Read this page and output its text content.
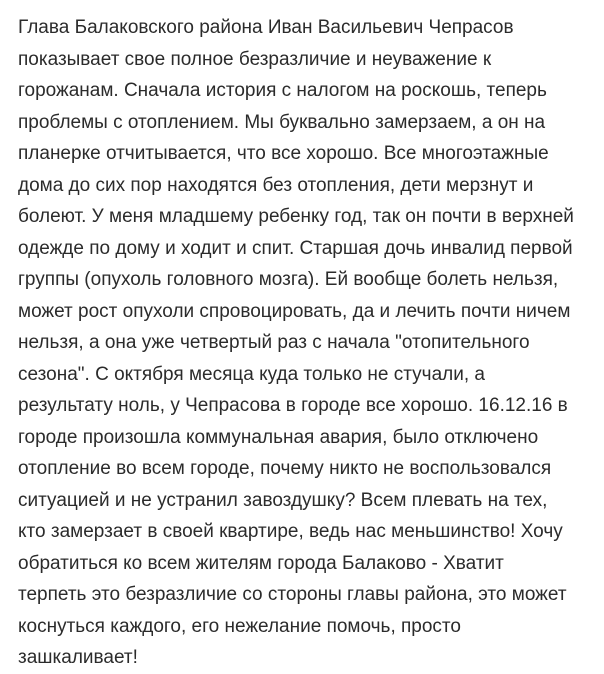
Глава Балаковского района Иван Васильевич Чепрасов
показывает свое полное безразличие и неуважение к
горожанам. Сначала история с налогом на роскошь, теперь
проблемы с отоплением. Мы буквально замерзаем, а он на
планерке отчитывается, что все хорошо. Все многоэтажные
дома до сих пор находятся без отопления, дети мерзнут и
болеют. У меня младшему ребенку год, так он почти в верхней
одежде по дому и ходит и спит. Старшая дочь инвалид первой
группы (опухоль головного мозга). Ей вообще болеть нельзя,
может рост опухоли спровоцировать, да и лечить почти ничем
нельзя, а она уже четвертый раз с начала "отопительного
сезона". С октября месяца куда только не стучали, а
результату ноль, у Чепрасова в городе все хорошо. 16.12.16 в
городе произошла коммунальная авария, было отключено
отопление во всем городе, почему никто не воспользовался
ситуацией и не устранил завоздушку? Всем плевать на тех,
кто замерзает в своей квартире, ведь нас меньшинство! Хочу
обратиться ко всем жителям города Балаково - Хватит
терпеть это безразличие со стороны главы района, это может
коснуться каждого, его нежелание помочь, просто
зашкаливает!
